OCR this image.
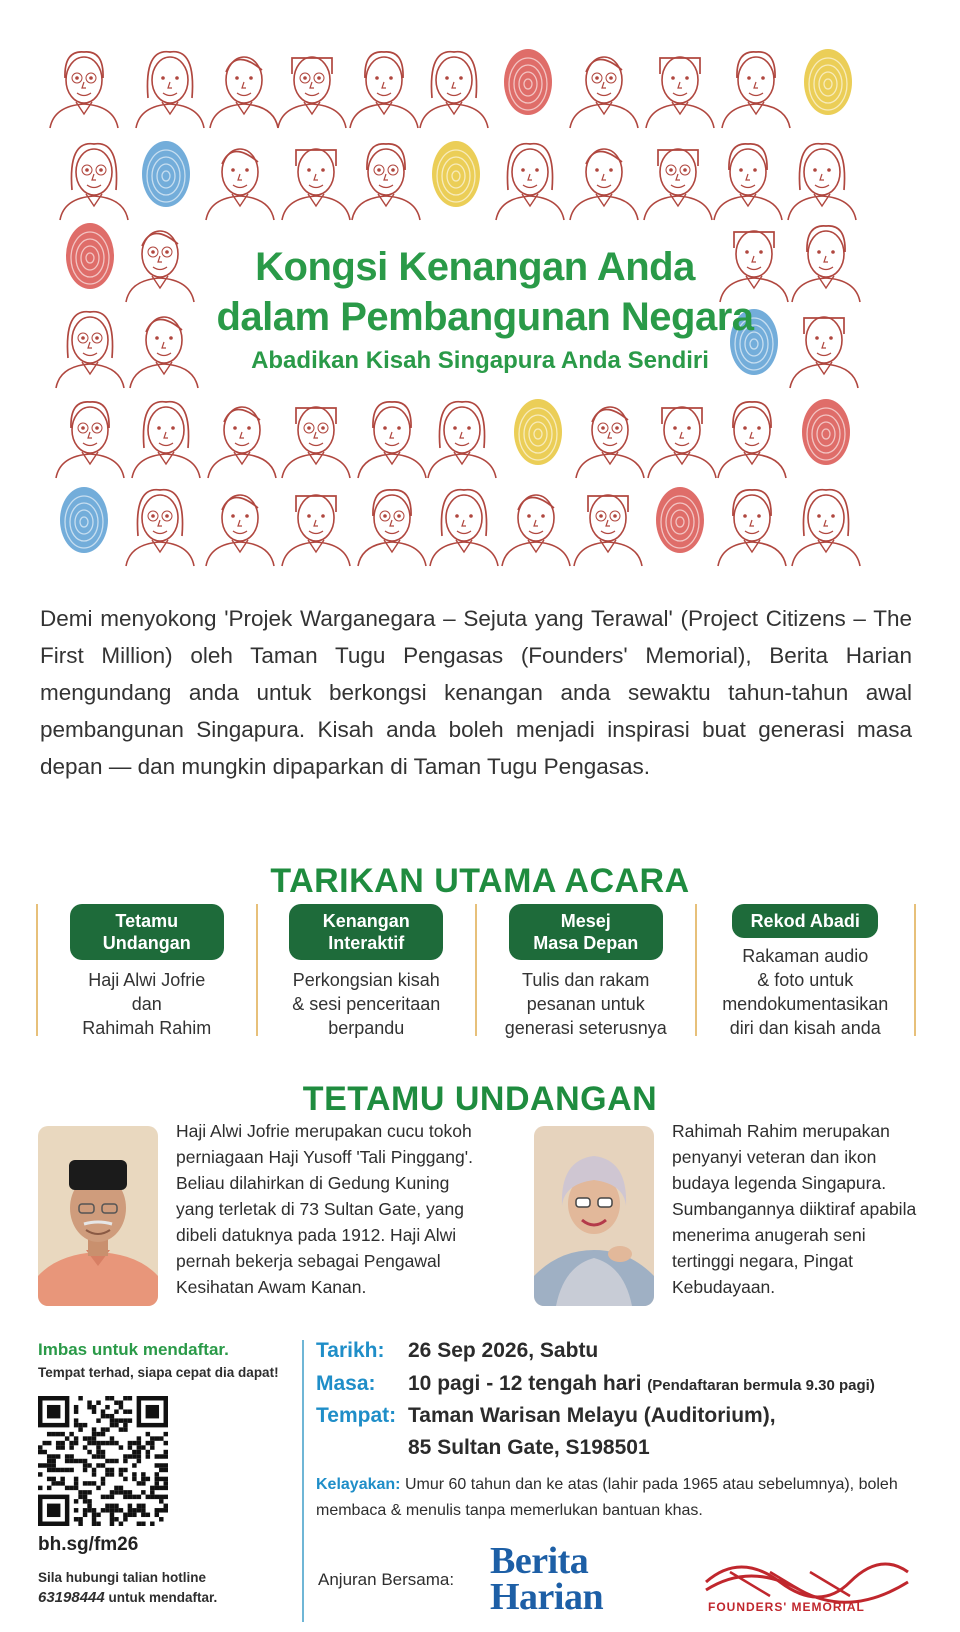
Kongsi Kenangan Anda
dalam Pembangunan Negara
Abadikan Kisah Singapura Anda Sendiri

Demi menyokong 'Projek Warganegara – Sejuta yang Terawal' (Project Citizens – The First Million) oleh Taman Tugu Pengasas (Founders' Memorial), Berita Harian mengundang anda untuk berkongsi kenangan anda sewaktu tahun-tahun awal pembangunan Singapura. Kisah anda boleh menjadi inspirasi buat generasi masa depan — dan mungkin dipaparkan di Taman Tugu Pengasas.

TARIKAN UTAMA ACARA
Tetamu
Undangan
Haji Alwi Jofrie
dan
Rahimah Rahim
Kenangan
Interaktif
Perkongsian kisah
& sesi penceritaan
berpandu
Mesej
Masa Depan
Tulis dan rakam
pesanan untuk
generasi seterusnya
Rekod Abadi
Rakaman audio
& foto untuk
mendokumentasikan
diri dan kisah anda
TETAMU UNDANGAN

Haji Alwi Jofrie merupakan cucu tokoh perniagaan Haji Yusoff 'Tali Pinggang'. Beliau dilahirkan di Gedung Kuning yang terletak di 73 Sultan Gate, yang dibeli datuknya pada 1912. Haji Alwi pernah bekerja sebagai Pengawal Kesihatan Awam Kanan.

Rahimah Rahim merupakan penyanyi veteran dan ikon budaya legenda Singapura. Sumbangannya diiktiraf apabila menerima anugerah seni tertinggi negara, Pingat Kebudayaan.

Imbas untuk mendaftar.
Tempat terhad, siapa cepat dia dapat!
bh.sg/fm26
Sila hubungi talian hotline
63198444 untuk mendaftar.
Tarikh: 26 Sep 2026, Sabtu
Masa: 10 pagi - 12 tengah hari (Pendaftaran bermula 9.30 pagi)
Tempat: Taman Warisan Melayu (Auditorium),
85 Sultan Gate, S198501

Kelayakan: Umur 60 tahun dan ke atas (lahir pada 1965 atau sebelumnya), boleh membaca & menulis tanpa memerlukan bantuan khas.

Anjuran Bersama: Berita
Harian	FOUNDERS' MEMORIAL
